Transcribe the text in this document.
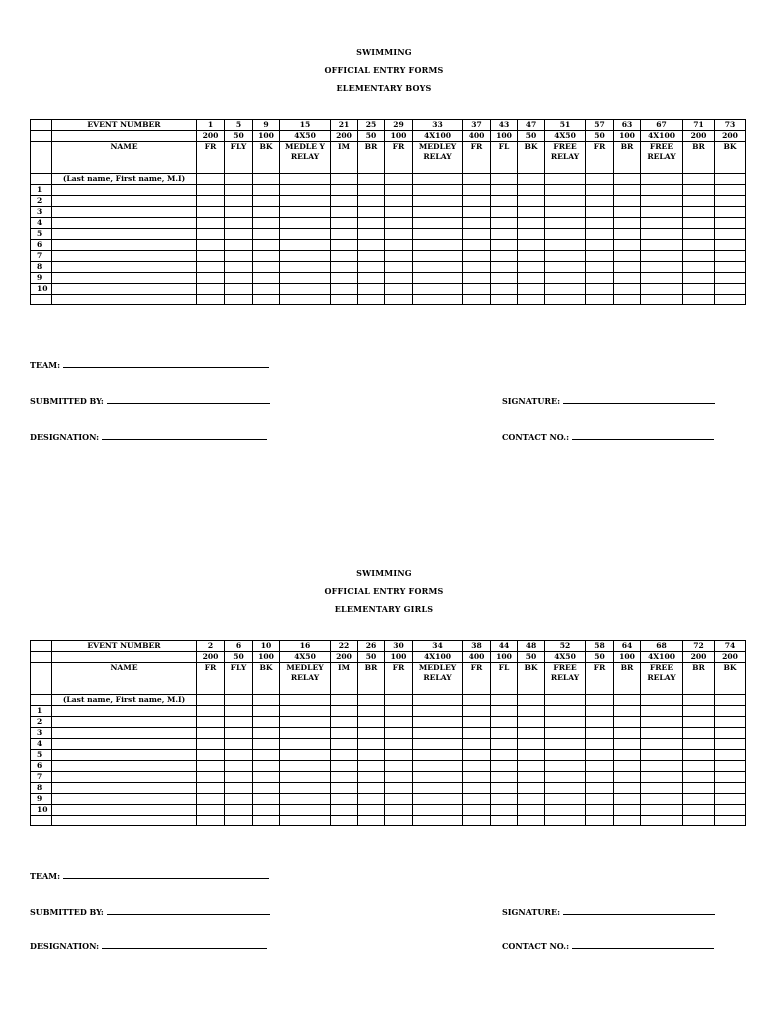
SWIMMING
OFFICIAL ENTRY FORMS
ELEMENTARY BOYS
	EVENT NUMBER	1	5	9	15	21	25	29	33	37	43	47	51	57	63	67	71	73
		200	50	100	4X50	200	50	100	4X100	400	100	50	4X50	50	100	4X100	200	200
	NAME	FR	FLY	BK	MEDLE Y RELAY	IM	BR	FR	MEDLEY RELAY	FR	FL	BK	FREE RELAY	FR	BR	FREE RELAY	BR	BK
	(Last name, First name, M.I)																	
1																		
2																		
3																		
4																		
5																		
6																		
7																		
8																		
9																		
10																		

TEAM:
SUBMITTED BY:	SIGNATURE:
DESIGNATION:	CONTACT NO.:
SWIMMING
OFFICIAL ENTRY FORMS
ELEMENTARY GIRLS
	EVENT NUMBER	2	6	10	16	22	26	30	34	38	44	48	52	58	64	68	72	74
		200	50	100	4X50	200	50	100	4X100	400	100	50	4X50	50	100	4X100	200	200
	NAME	FR	FLY	BK	MEDLEY RELAY	IM	BR	FR	MEDLEY RELAY	FR	FL	BK	FREE RELAY	FR	BR	FREE RELAY	BR	BK
	(Last name, First name, M.I)																	
1																		
2																		
3																		
4																		
5																		
6																		
7																		
8																		
9																		
10																		

TEAM:
SUBMITTED BY:	SIGNATURE:
DESIGNATION:	CONTACT NO.:
